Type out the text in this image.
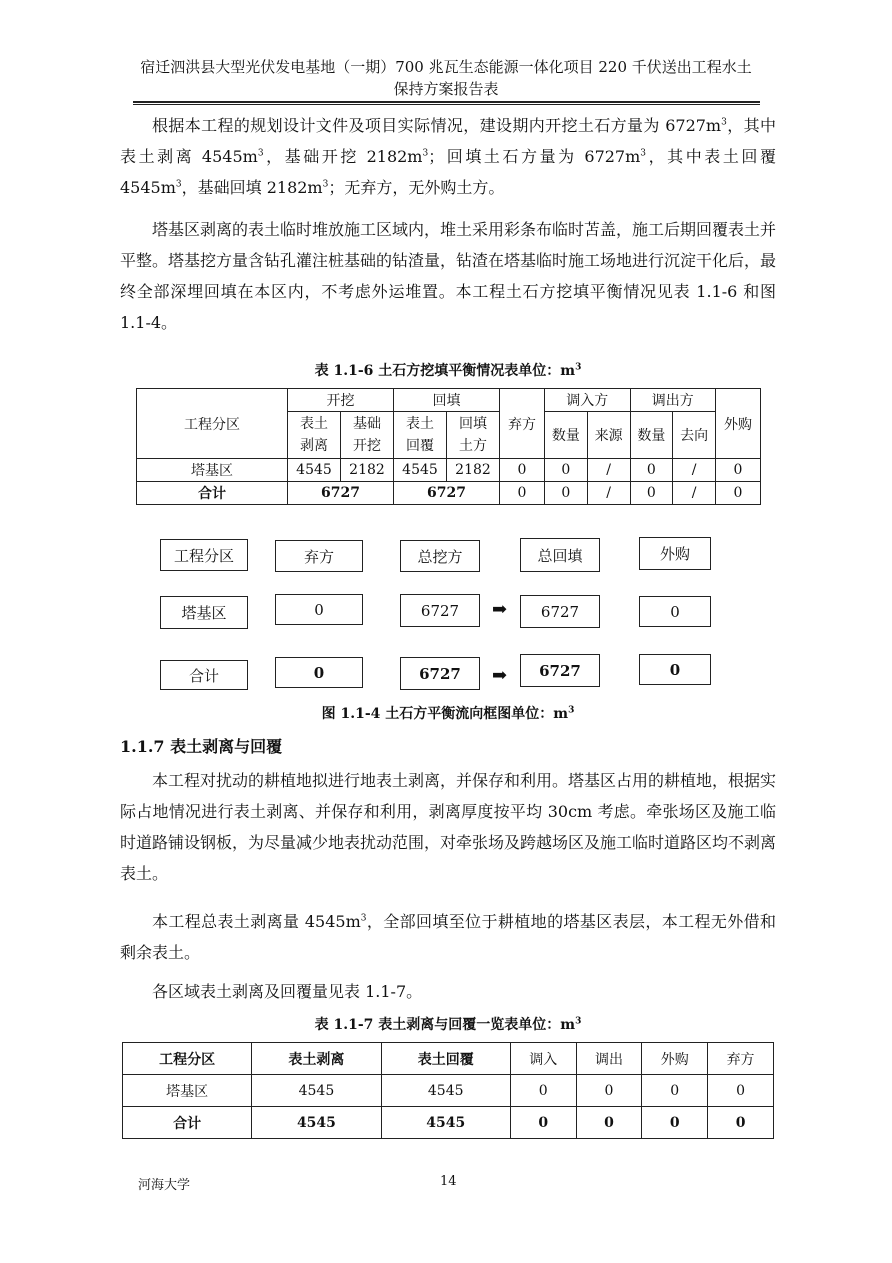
宿迁泗洪县大型光伏发电基地（一期）700 兆瓦生态能源一体化项目 220 千伏送出工程水土
保持方案报告表

根据本工程的规划设计文件及项目实际情况，建设期内开挖土石方量为 $6727m^3$，其中表土剥离 $4545m^3$，基础开挖 $2182m^3$；回填土石方量为 $6727m^3$，其中表土回覆 $4545m^3$，基础回填 $2182m^3$；无弃方，无外购土方。

塔基区剥离的表土临时堆放施工区域内，堆土采用彩条布临时苫盖，施工后期回覆表土并平整。塔基挖方量含钻孔灌注桩基础的钻渣量，钻渣在塔基临时施工场地进行沉淀干化后，最终全部深埋回填在本区内，不考虑外运堆置。本工程土石方挖填平衡情况见表 1.1-6 和图 1.1-4。

表 1.1-6 土石方挖填平衡情况表单位：$m^3$
工程分区	开挖		回填		弃方	调入方		调出方		外购
	表土剥离	基础开挖	表土回覆	回填土方		数量	来源	数量	去向	
塔基区	4545	2182	4545	2182	0	0	/	0	/	0
合计	6727		6727		0	0	/	0	/	0
工程分区	弃方	总挖方	总回填	外购
塔基区	0	6727	➡	6727	0
合计	0	6727	➡	6727	0
图 1.1-4 土石方平衡流向框图单位：$m^3$
1.1.7 表土剥离与回覆

本工程对扰动的耕植地拟进行地表土剥离，并保存和利用。塔基区占用的耕植地，根据实际占地情况进行表土剥离、并保存和利用，剥离厚度按平均 30cm 考虑。牵张场区及施工临时道路铺设钢板，为尽量减少地表扰动范围，对牵张场及跨越场区及施工临时道路区均不剥离表土。

本工程总表土剥离量 $4545m^3$，全部回填至位于耕植地的塔基区表层，本工程无外借和剩余表土。

各区域表土剥离及回覆量见表 1.1-7。

表 1.1-7 表土剥离与回覆一览表单位：$m^3$
工程分区	表土剥离	表土回覆	调入	调出	外购	弃方
塔基区	4545	4545	0	0	0	0
合计	4545	4545	0	0	0	0
河海大学	14
